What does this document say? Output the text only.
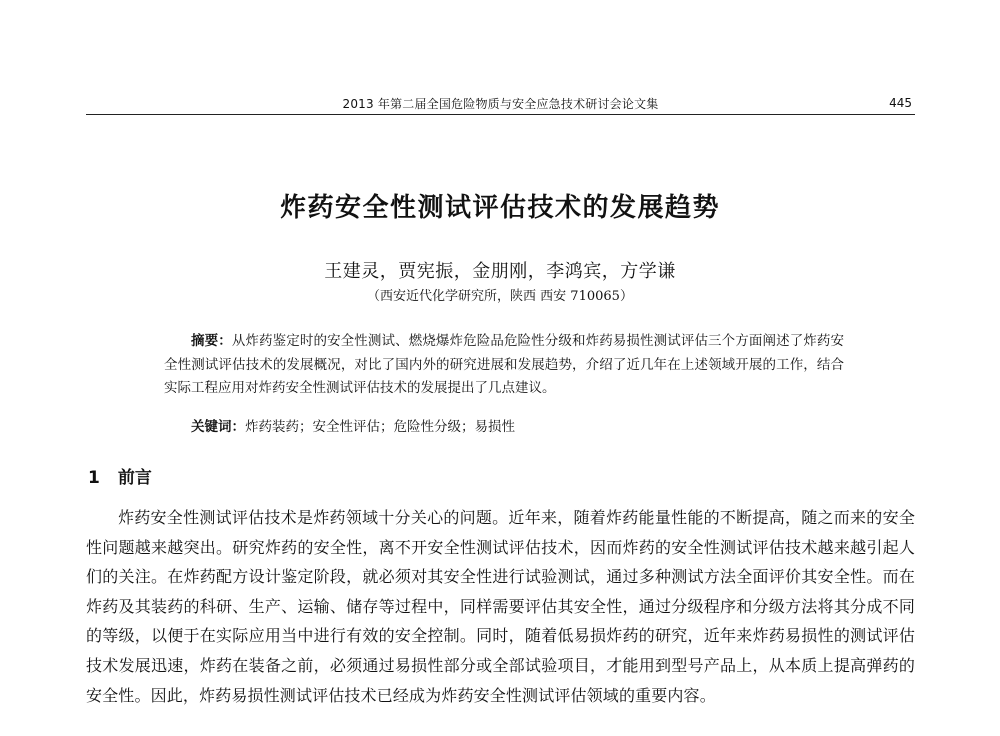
2013 年第二届全国危险物质与安全应急技术研讨会论文集	445
炸药安全性测试评估技术的发展趋势
王建灵，贾宪振，金朋刚，李鸿宾，方学谦
（西安近代化学研究所，陕西 西安 710065）
摘要：从炸药鉴定时的安全性测试、燃烧爆炸危险品危险性分级和炸药易损性测试评估三个方面阐述了炸药安全性测试评估技术的发展概况，对比了国内外的研究进展和发展趋势，介绍了近几年在上述领域开展的工作，结合实际工程应用对炸药安全性测试评估技术的发展提出了几点建议。
关键词：炸药装药；安全性评估；危险性分级；易损性
1 前言
炸药安全性测试评估技术是炸药领域十分关心的问题。近年来，随着炸药能量性能的不断提高，随之而来的安全性问题越来越突出。研究炸药的安全性，离不开安全性测试评估技术，因而炸药的安全性测试评估技术越来越引起人们的关注。在炸药配方设计鉴定阶段，就必须对其安全性进行试验测试，通过多种测试方法全面评价其安全性。而在炸药及其装药的科研、生产、运输、储存等过程中，同样需要评估其安全性，通过分级程序和分级方法将其分成不同的等级，以便于在实际应用当中进行有效的安全控制。同时，随着低易损炸药的研究，近年来炸药易损性的测试评估技术发展迅速，炸药在装备之前，必须通过易损性部分或全部试验项目，才能用到型号产品上，从本质上提高弹药的安全性。因此，炸药易损性测试评估技术已经成为炸药安全性测试评估领域的重要内容。
